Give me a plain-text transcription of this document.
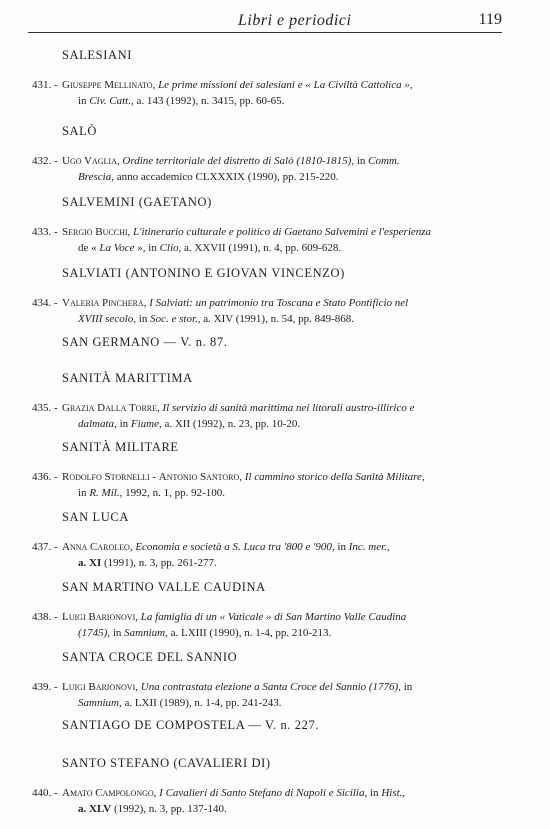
Libri e periodici	119
SALESIANI
431. - Giuseppe Mellinato, Le prime missioni dei salesiani e « La Civiltà Cattolica »,
in Civ. Catt., a. 143 (1992), n. 3415, pp. 60-65.
SALÒ
432. - Ugo Vaglia, Ordine territoriale del distretto di Salò (1810-1815), in Comm.
Brescia, anno accademico CLXXXIX (1990), pp. 215-220.
SALVEMINI (GAETANO)
433. - Sergio Bucchi, L'itinerario culturale e politico di Gaetano Salvemini e l'esperienza
de « La Voce », in Clio, a. XXVII (1991), n. 4, pp. 609-628.
SALVIATI (ANTONINO E GIOVAN VINCENZO)
434. - Valeria Pinchera, I Salviati: un patrimonio tra Toscana e Stato Pontificio nel
XVIII secolo, in Soc. e stor., a. XIV (1991), n. 54, pp. 849-868.
SAN GERMANO — V. n. 87.
SANITÀ MARITTIMA
435. - Grazia Dalla Torre, Il servizio di sanità marittima nei litorali austro-illirico e
dalmata, in Fiume, a. XII (1992), n. 23, pp. 10-20.
SANITÀ MILITARE
436. - Rodolfo Stornelli - Antonio Santoro, Il cammino storico della Sanità Militare,
in R. Mil., 1992, n. 1, pp. 92-100.
SAN LUCA
437. - Anna Caroleo, Economia e società a S. Luca tra '800 e '900, in Inc. mer.,
a. XI (1991), n. 3, pp. 261-277.
SAN MARTINO VALLE CAUDINA
438. - Luigi Barionovi, La famiglia di un « Vaticale » di San Martino Valle Caudina
(1745), in Samnium, a. LXIII (1990), n. 1-4, pp. 210-213.
SANTA CROCE DEL SANNIO
439. - Luigi Barionovi, Una contrastata elezione a Santa Croce del Sannio (1776), in
Samnium, a. LXII (1989), n. 1-4, pp. 241-243.
SANTIAGO DE COMPOSTELA — V. n. 227.
SANTO STEFANO (CAVALIERI DI)
440. - Amato Campolongo, I Cavalieri di Santo Stefano di Napoli e Sicilia, in Hist.,
a. XLV (1992), n. 3, pp. 137-140.
